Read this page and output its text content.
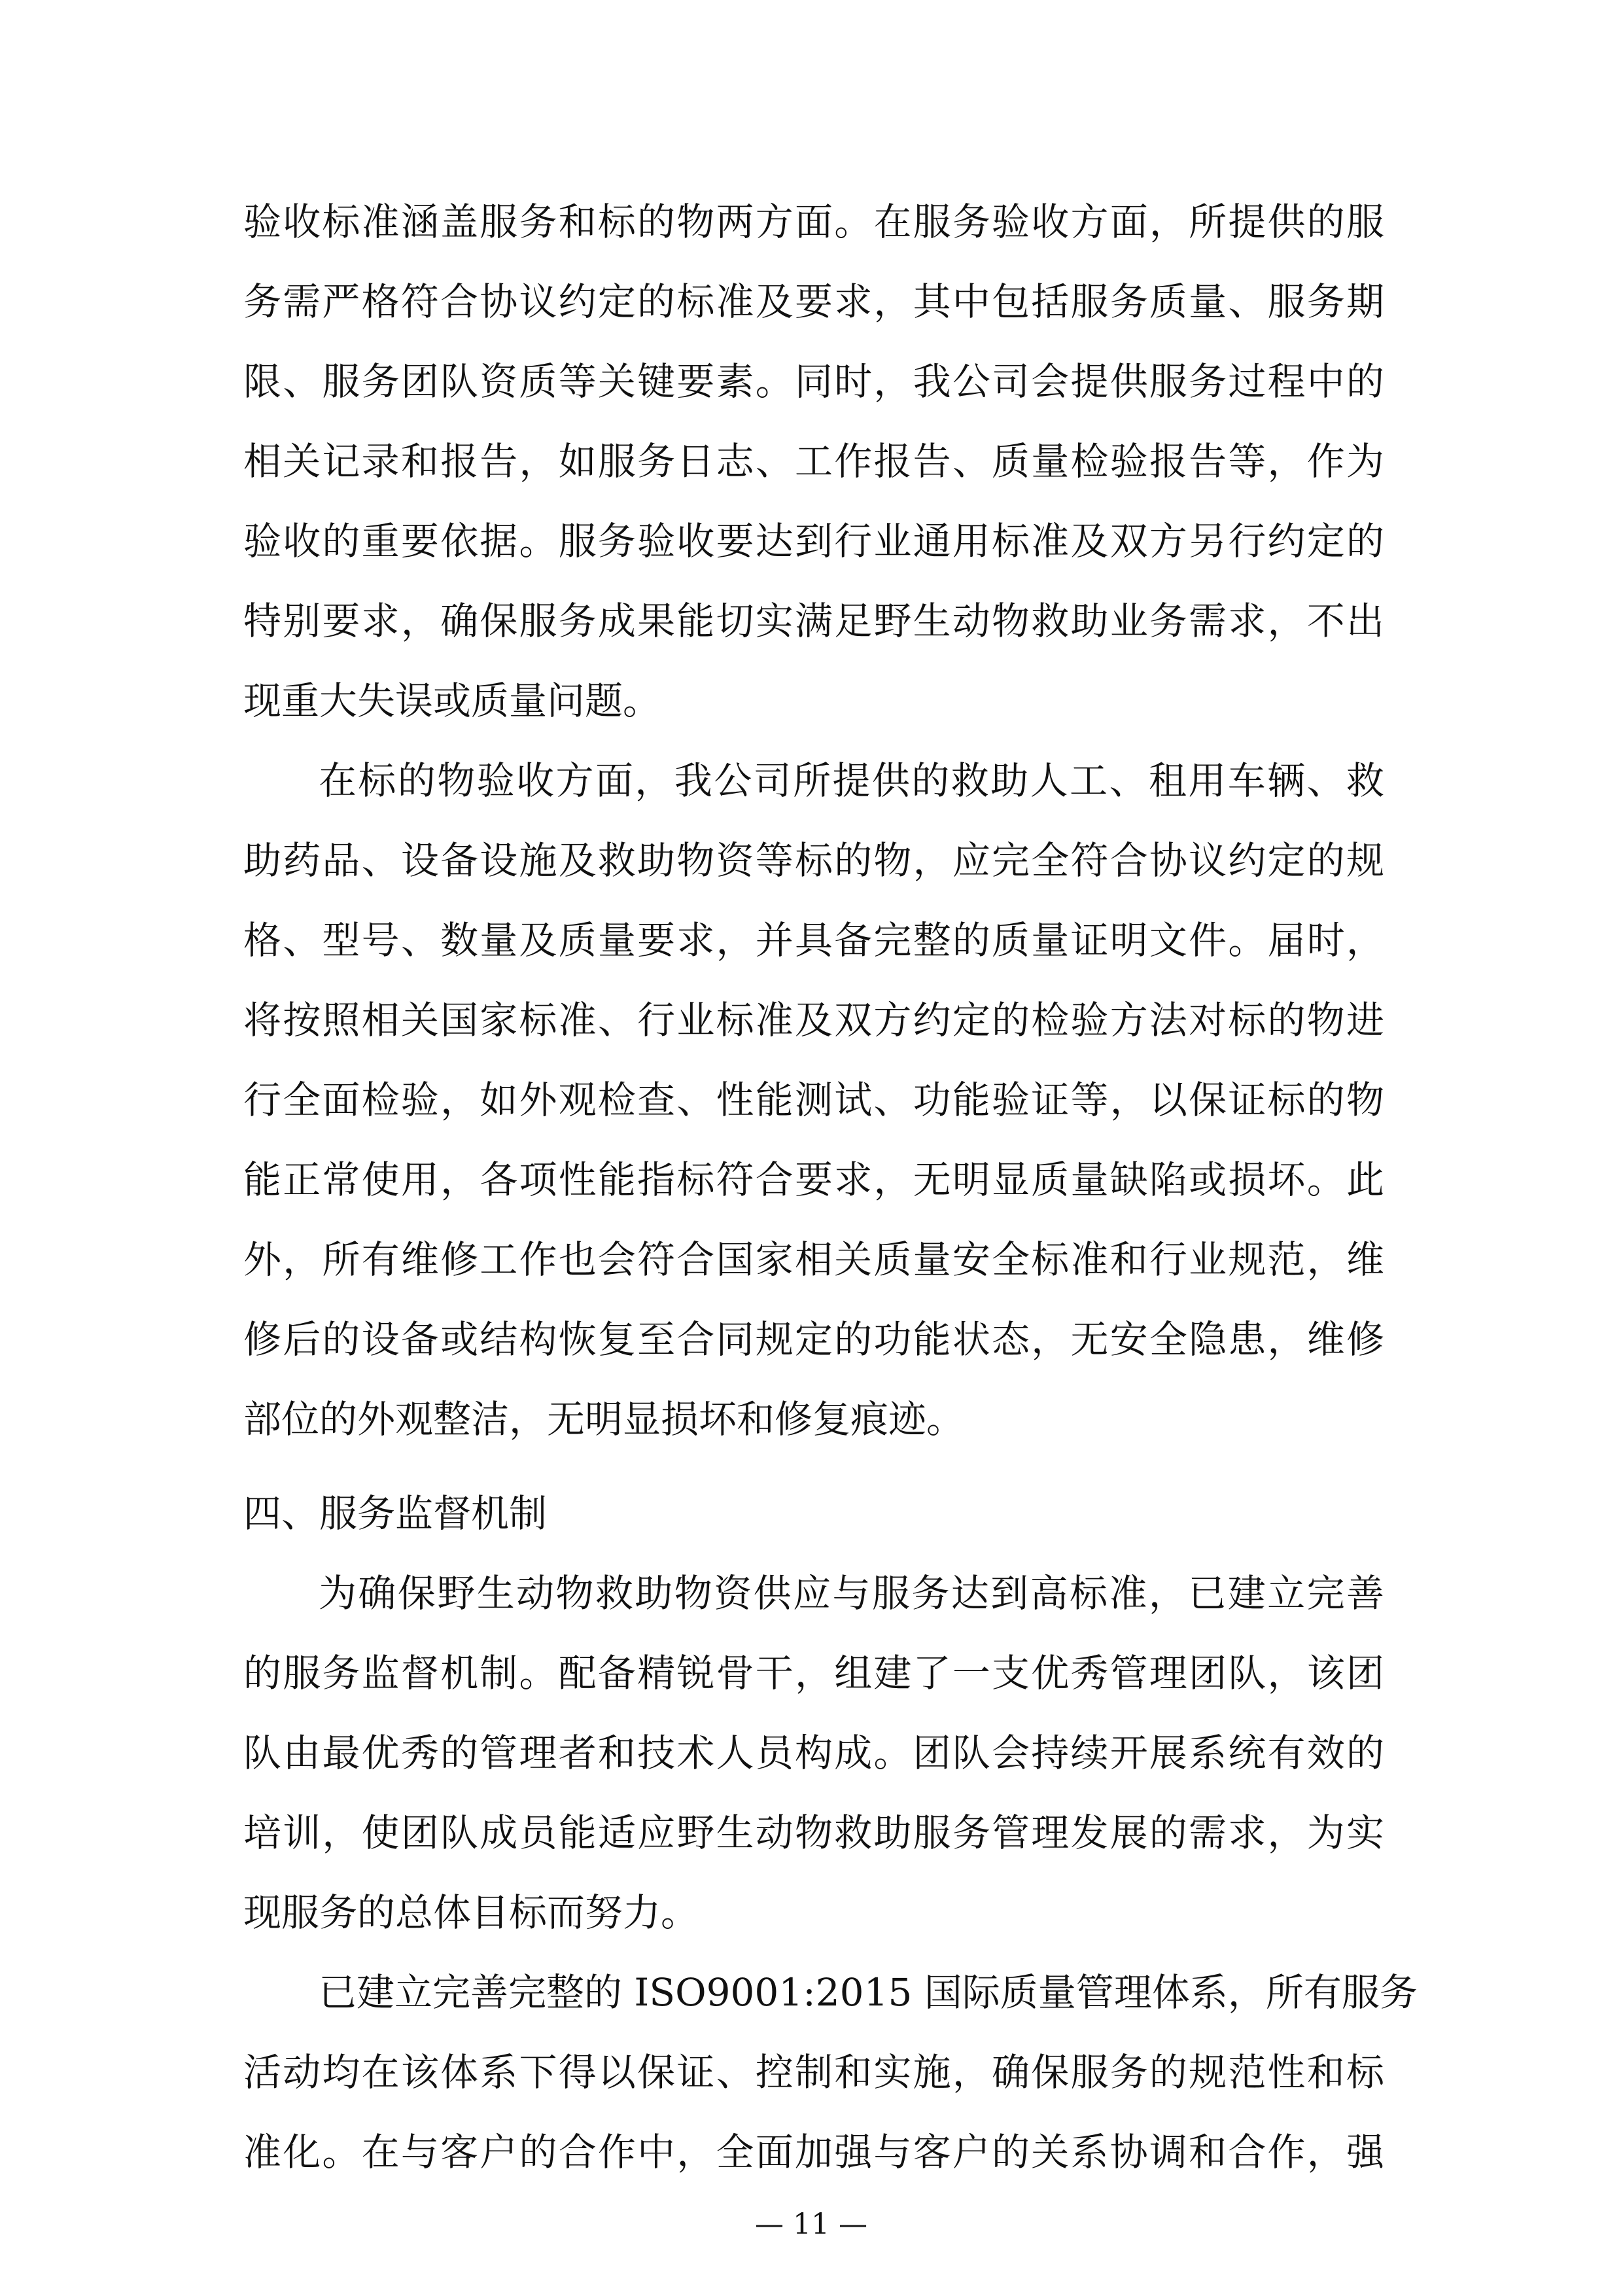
验收标准涵盖服务和标的物两方面。在服务验收方面，所提供的服
务需严格符合协议约定的标准及要求，其中包括服务质量、服务期
限、服务团队资质等关键要素。同时，我公司会提供服务过程中的
相关记录和报告，如服务日志、工作报告、质量检验报告等，作为
验收的重要依据。服务验收要达到行业通用标准及双方另行约定的
特别要求，确保服务成果能切实满足野生动物救助业务需求，不出
现重大失误或质量问题。
在标的物验收方面，我公司所提供的救助人工、租用车辆、救
助药品、设备设施及救助物资等标的物，应完全符合协议约定的规
格、型号、数量及质量要求，并具备完整的质量证明文件。届时，
将按照相关国家标准、行业标准及双方约定的检验方法对标的物进
行全面检验，如外观检查、性能测试、功能验证等，以保证标的物
能正常使用，各项性能指标符合要求，无明显质量缺陷或损坏。此
外，所有维修工作也会符合国家相关质量安全标准和行业规范，维
修后的设备或结构恢复至合同规定的功能状态，无安全隐患，维修
部位的外观整洁，无明显损坏和修复痕迹。
四、服务监督机制
为确保野生动物救助物资供应与服务达到高标准，已建立完善
的服务监督机制。配备精锐骨干，组建了一支优秀管理团队，该团
队由最优秀的管理者和技术人员构成。团队会持续开展系统有效的
培训，使团队成员能适应野生动物救助服务管理发展的需求，为实
现服务的总体目标而努力。
已建立完善完整的 ISO9001:2015 国际质量管理体系，所有服务
活动均在该体系下得以保证、控制和实施，确保服务的规范性和标
准化。在与客户的合作中，全面加强与客户的关系协调和合作，强
— 11 —
